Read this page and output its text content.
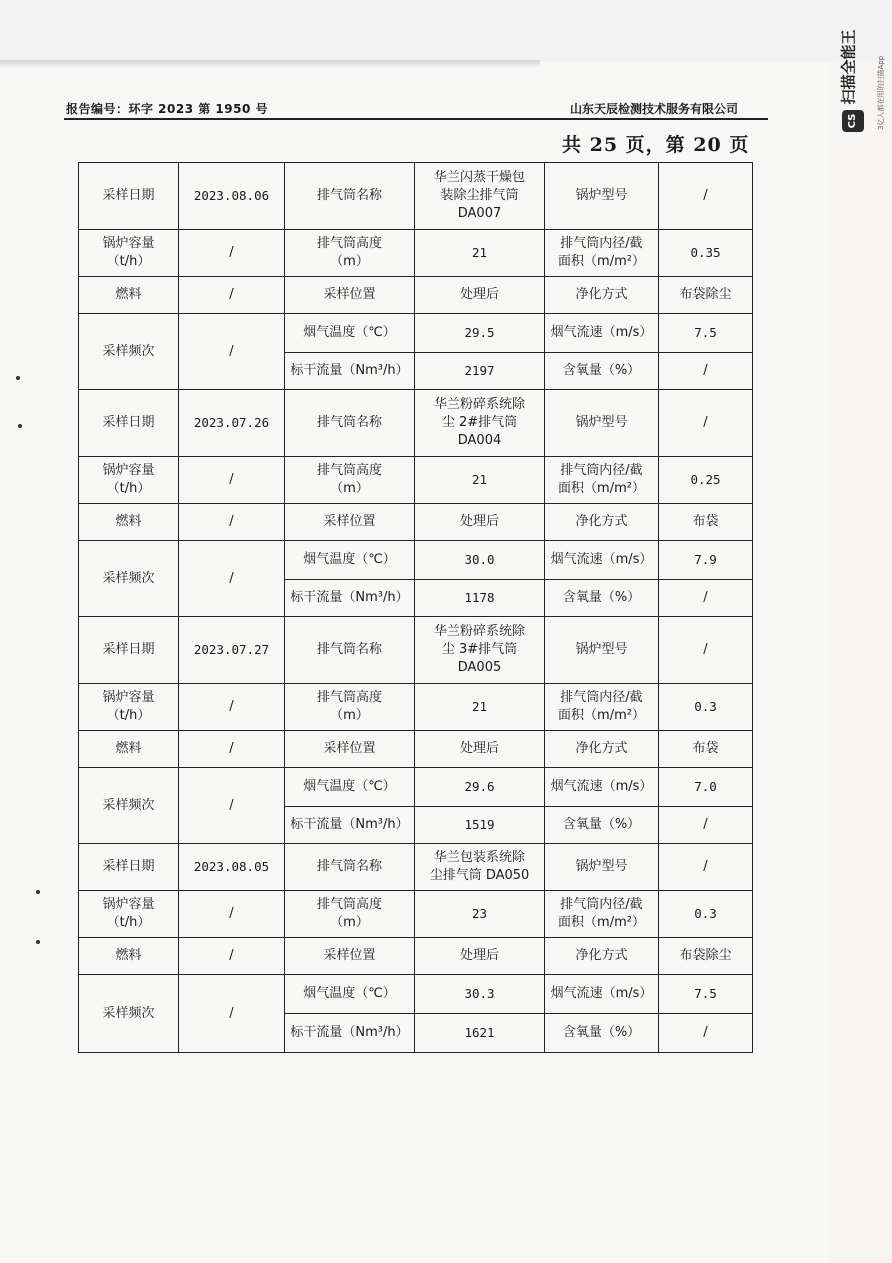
CS
扫描全能王	3亿人都在用的扫描App
报告编号：环字 2023 第 1950 号	山东天辰检测技术服务有限公司
共 25 页，第 20 页
采样日期	2023.08.06	排气筒名称	华兰闪蒸干燥包
装除尘排气筒
DA007	锅炉型号	/
锅炉容量
（t/h）	/	排气筒高度
（m）	21	排气筒内径/截
面积（m/m²）	0.35
燃料	/	采样位置	处理后	净化方式	布袋除尘
采样频次	/	烟气温度（℃）	29.5	烟气流速（m/s）	7.5
		标干流量（Nm³/h）	2197	含氧量（%）	/
采样日期	2023.07.26	排气筒名称	华兰粉碎系统除
尘 2#排气筒
DA004	锅炉型号	/
锅炉容量
（t/h）	/	排气筒高度
（m）	21	排气筒内径/截
面积（m/m²）	0.25
燃料	/	采样位置	处理后	净化方式	布袋
采样频次	/	烟气温度（℃）	30.0	烟气流速（m/s）	7.9
		标干流量（Nm³/h）	1178	含氧量（%）	/
采样日期	2023.07.27	排气筒名称	华兰粉碎系统除
尘 3#排气筒
DA005	锅炉型号	/
锅炉容量
（t/h）	/	排气筒高度
（m）	21	排气筒内径/截
面积（m/m²）	0.3
燃料	/	采样位置	处理后	净化方式	布袋
采样频次	/	烟气温度（℃）	29.6	烟气流速（m/s）	7.0
		标干流量（Nm³/h）	1519	含氧量（%）	/
采样日期	2023.08.05	排气筒名称	华兰包装系统除
尘排气筒 DA050	锅炉型号	/
锅炉容量
（t/h）	/	排气筒高度
（m）	23	排气筒内径/截
面积（m/m²）	0.3
燃料	/	采样位置	处理后	净化方式	布袋除尘
采样频次	/	烟气温度（℃）	30.3	烟气流速（m/s）	7.5
		标干流量（Nm³/h）	1621	含氧量（%）	/
